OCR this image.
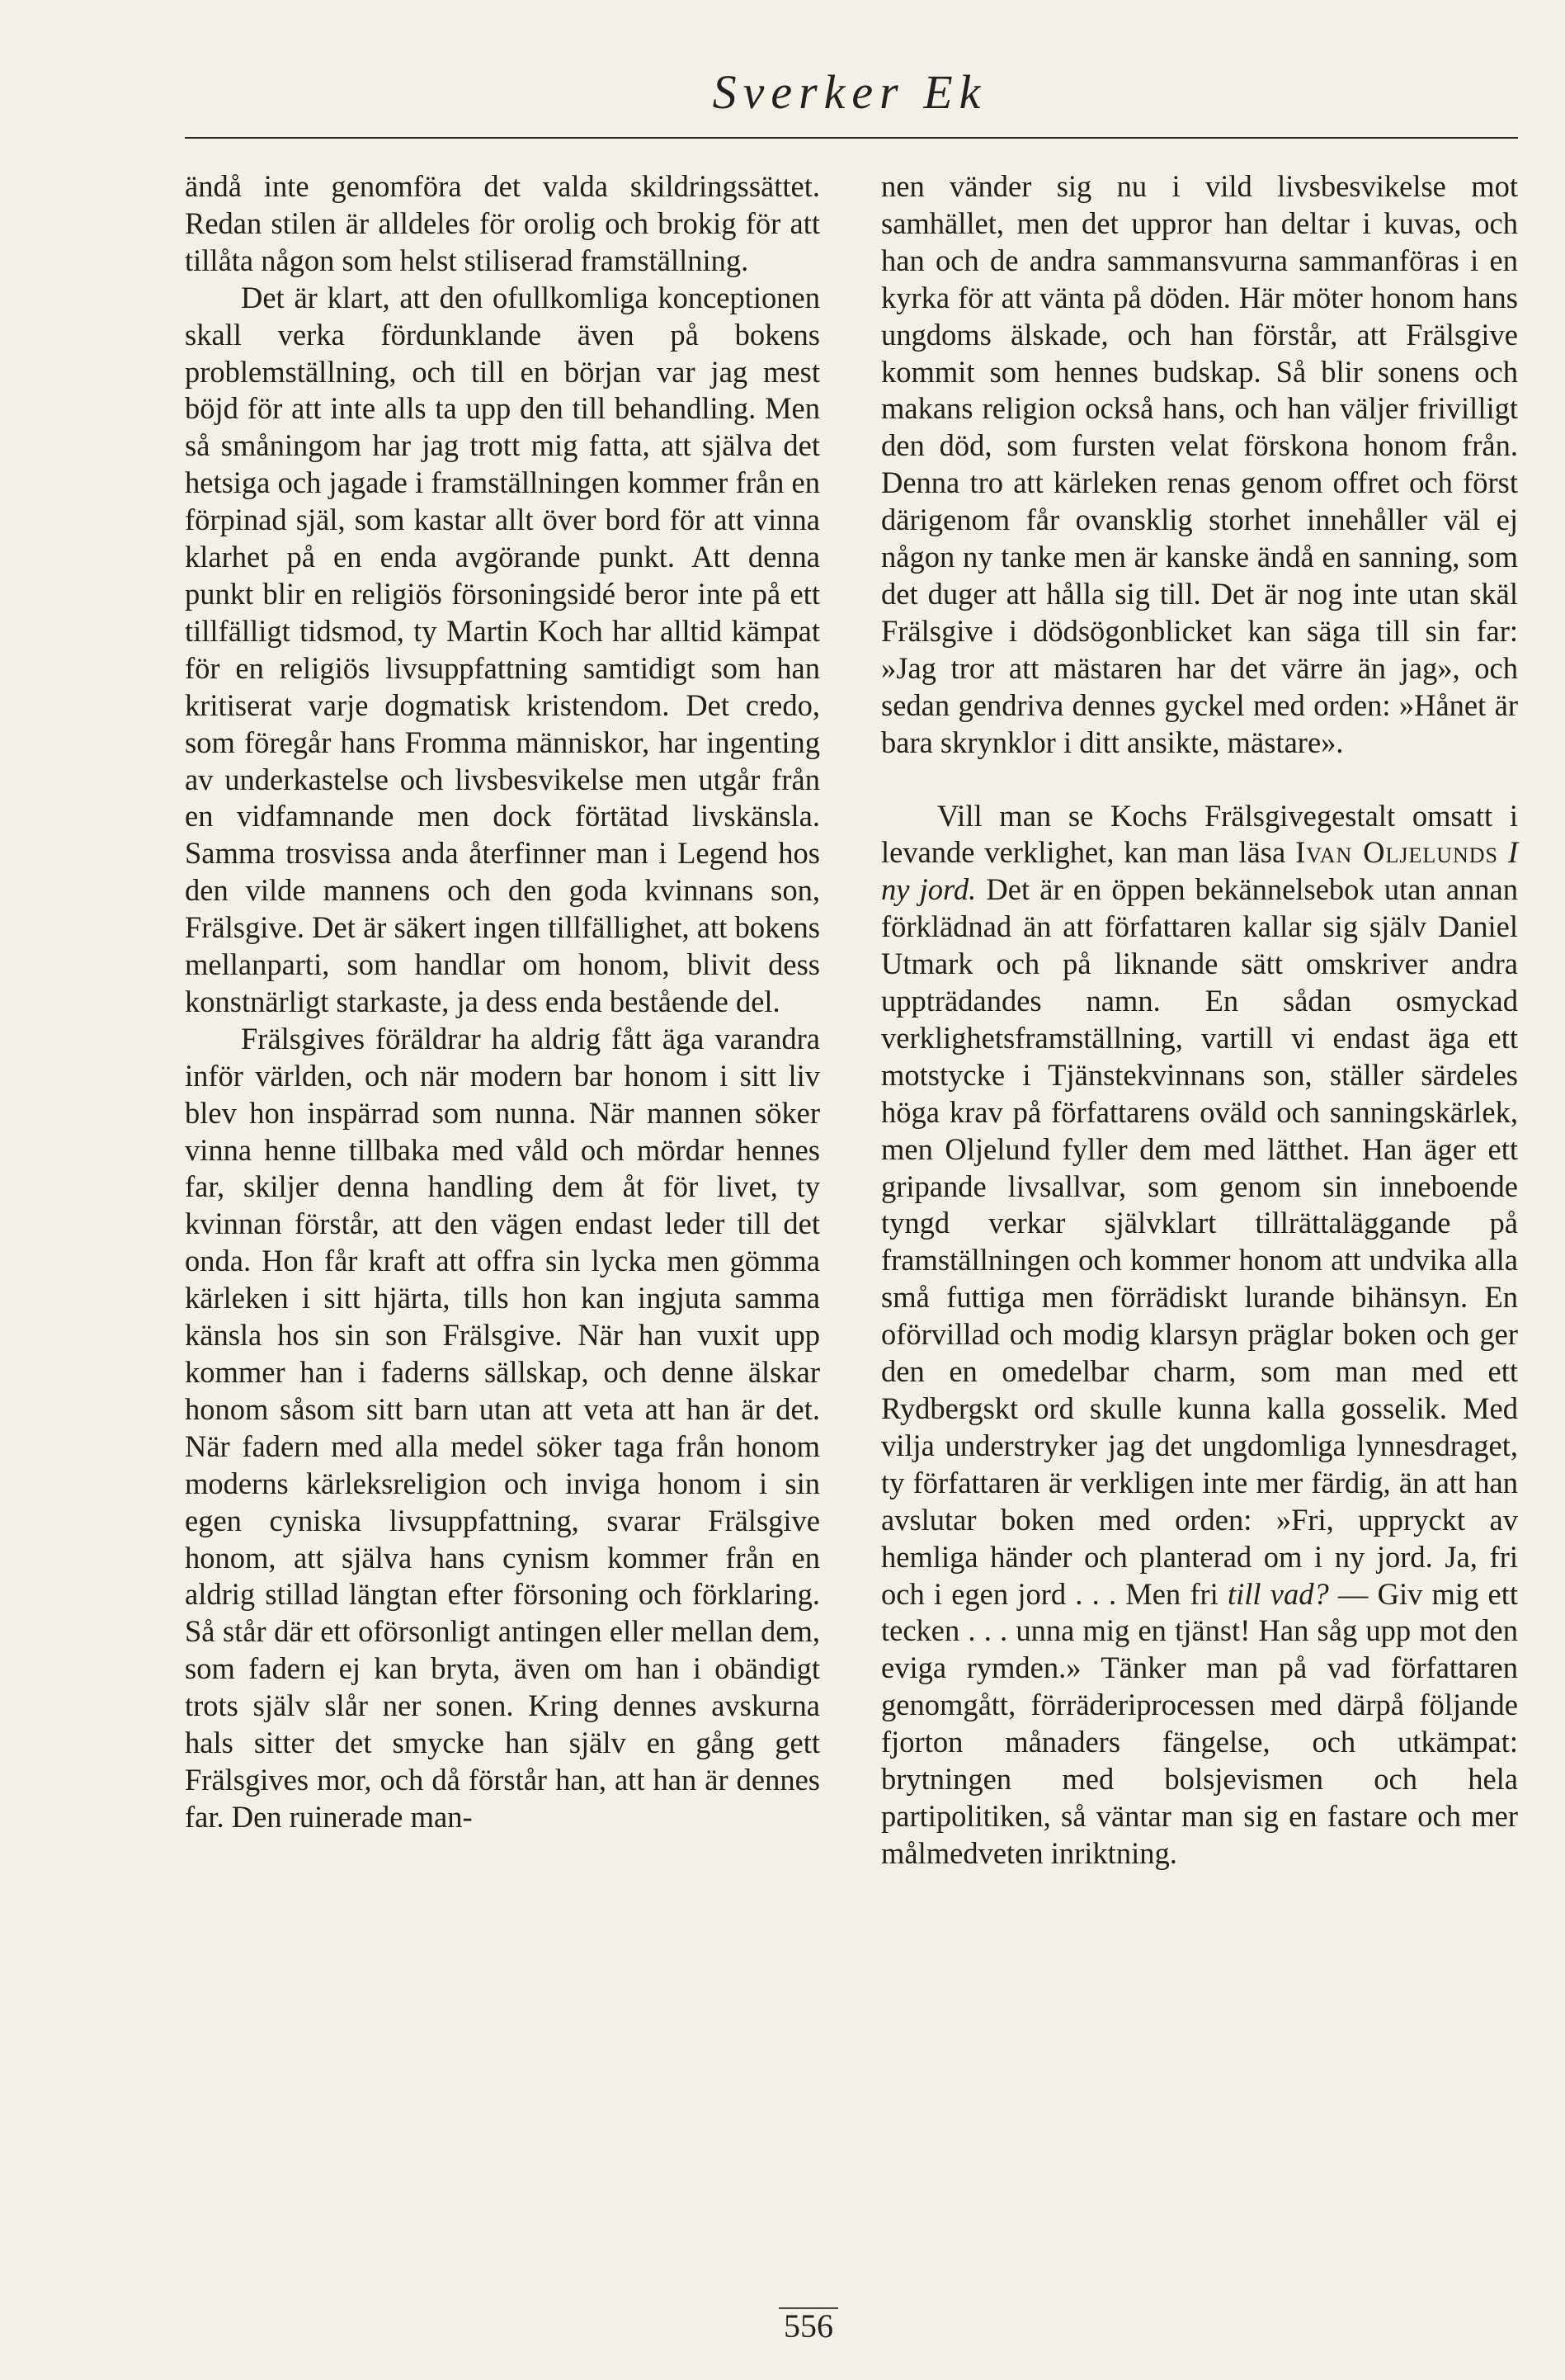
Sverker Ek

ändå inte genomföra det valda skildringssättet. Redan stilen är alldeles för orolig och brokig för att tillåta någon som helst stiliserad framställning.

Det är klart, att den ofullkomliga konceptionen skall verka fördunklande även på bokens problemställning, och till en början var jag mest böjd för att inte alls ta upp den till behandling. Men så småningom har jag trott mig fatta, att själva det hetsiga och jagade i framställningen kommer från en förpinad själ, som kastar allt över bord för att vinna klarhet på en enda avgörande punkt. Att denna punkt blir en religiös försoningsidé beror inte på ett tillfälligt tidsmod, ty Martin Koch har alltid kämpat för en religiös livsuppfattning samtidigt som han kritiserat varje dogmatisk kristendom. Det credo, som föregår hans Fromma människor, har ingenting av underkastelse och livsbesvikelse men utgår från en vidfamnande men dock förtätad livskänsla. Samma trosvissa anda återfinner man i Legend hos den vilde mannens och den goda kvinnans son, Frälsgive. Det är säkert ingen tillfällighet, att bokens mellanparti, som handlar om honom, blivit dess konstnärligt starkaste, ja dess enda bestående del.

Frälsgives föräldrar ha aldrig fått äga varandra inför världen, och när modern bar honom i sitt liv blev hon inspärrad som nunna. När mannen söker vinna henne tillbaka med våld och mördar hennes far, skiljer denna handling dem åt för livet, ty kvinnan förstår, att den vägen endast leder till det onda. Hon får kraft att offra sin lycka men gömma kärleken i sitt hjärta, tills hon kan ingjuta samma känsla hos sin son Frälsgive. När han vuxit upp kommer han i faderns sällskap, och denne älskar honom såsom sitt barn utan att veta att han är det. När fadern med alla medel söker taga från honom moderns kärleksreligion och inviga honom i sin egen cyniska livsuppfattning, svarar Frälsgive honom, att själva hans cynism kommer från en aldrig stillad längtan efter försoning och förklaring. Så står där ett oförsonligt antingen eller mellan dem, som fadern ej kan bryta, även om han i obändigt trots själv slår ner sonen. Kring dennes avskurna hals sitter det smycke han själv en gång gett Frälsgives mor, och då förstår han, att han är dennes far. Den ruinerade man-

nen vänder sig nu i vild livsbesvikelse mot samhället, men det uppror han deltar i kuvas, och han och de andra sammansvurna sammanföras i en kyrka för att vänta på döden. Här möter honom hans ungdoms älskade, och han förstår, att Frälsgive kommit som hennes budskap. Så blir sonens och makans religion också hans, och han väljer frivilligt den död, som fursten velat förskona honom från. Denna tro att kärleken renas genom offret och först därigenom får ovansklig storhet innehåller väl ej någon ny tanke men är kanske ändå en sanning, som det duger att hålla sig till. Det är nog inte utan skäl Frälsgive i dödsögonblicket kan säga till sin far: »Jag tror att mästaren har det värre än jag», och sedan gendriva dennes gyckel med orden: »Hånet är bara skrynklor i ditt ansikte, mästare».

Vill man se Kochs Frälsgivegestalt omsatt i levande verklighet, kan man läsa Ivan Oljelunds I ny jord. Det är en öppen bekännelsebok utan annan förklädnad än att författaren kallar sig själv Daniel Utmark och på liknande sätt omskriver andra uppträdandes namn. En sådan osmyckad verklighetsframställning, vartill vi endast äga ett motstycke i Tjänstekvinnans son, ställer särdeles höga krav på författarens oväld och sanningskärlek, men Oljelund fyller dem med lätthet. Han äger ett gripande livsallvar, som genom sin inneboende tyngd verkar självklart tillrättaläggande på framställningen och kommer honom att undvika alla små futtiga men förrädiskt lurande bihänsyn. En oförvillad och modig klarsyn präglar boken och ger den en omedelbar charm, som man med ett Rydbergskt ord skulle kunna kalla gosselik. Med vilja understryker jag det ungdomliga lynnesdraget, ty författaren är verkligen inte mer färdig, än att han avslutar boken med orden: »Fri, uppryckt av hemliga händer och planterad om i ny jord. Ja, fri och i egen jord . . . Men fri till vad? — Giv mig ett tecken . . . unna mig en tjänst! Han såg upp mot den eviga rymden.» Tänker man på vad författaren genomgått, förräderiprocessen med därpå följande fjorton månaders fängelse, och utkämpat: brytningen med bolsjevismen och hela partipolitiken, så väntar man sig en fastare och mer målmedveten inriktning.

556
